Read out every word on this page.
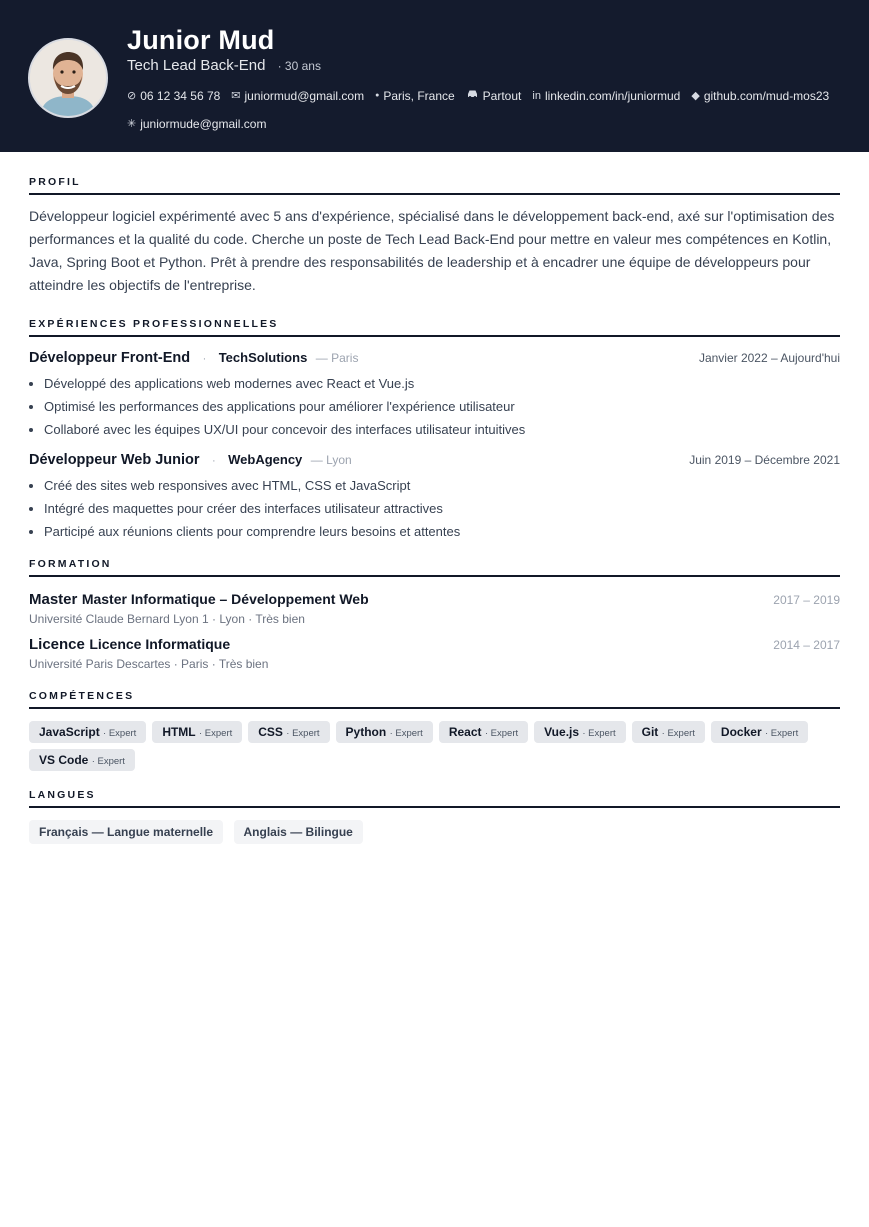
Junior Mud
Tech Lead Back-End · 30 ans
⊘ 06 12 34 56 78 ✉ juniormud@gmail.com ● Paris, France Partout in linkedin.com/in/juniormud ◆ github.com/mud-mos23
✳ juniormude@gmail.com
PROFIL

Développeur logiciel expérimenté avec 5 ans d'expérience, spécialisé dans le développement back-end, axé sur l'optimisation des performances et la qualité du code. Cherche un poste de Tech Lead Back-End pour mettre en valeur mes compétences en Kotlin, Java, Spring Boot et Python. Prêt à prendre des responsabilités de leadership et à encadrer une équipe de développeurs pour atteindre les objectifs de l'entreprise.

EXPÉRIENCES PROFESSIONNELLES
Développeur Front-End · TechSolutions — Paris	Janvier 2022 – Aujourd'hui
• Développé des applications web modernes avec React et Vue.js
• Optimisé les performances des applications pour améliorer l'expérience utilisateur
• Collaboré avec les équipes UX/UI pour concevoir des interfaces utilisateur intuitives
Développeur Web Junior · WebAgency — Lyon	Juin 2019 – Décembre 2021
• Créé des sites web responsives avec HTML, CSS et JavaScript
• Intégré des maquettes pour créer des interfaces utilisateur attractives
• Participé aux réunions clients pour comprendre leurs besoins et attentes
FORMATION
Master Master Informatique – Développement Web
Université Claude Bernard Lyon 1 · Lyon · Très bien
2017 – 2019
Licence Licence Informatique
Université Paris Descartes · Paris · Très bien
2014 – 2017
COMPÉTENCES
JavaScript · Expert	HTML · Expert	CSS · Expert	Python · Expert	React · Expert	Vue.js · Expert	Git · Expert	Docker · Expert
VS Code · Expert
LANGUES
Français — Langue maternelle	Anglais — Bilingue
